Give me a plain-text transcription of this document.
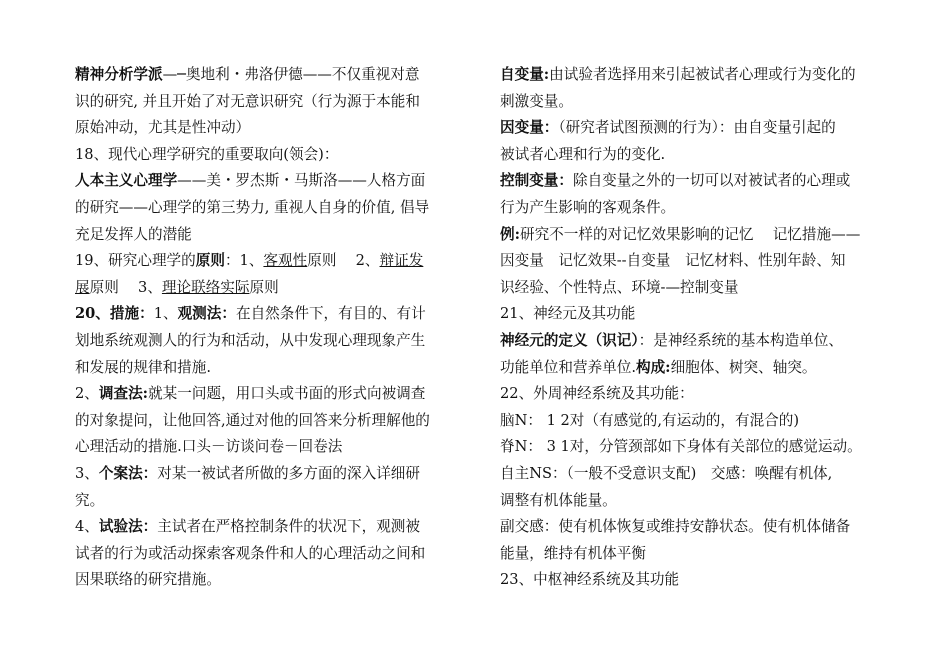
精神分析学派—─奥地利・弗洛伊德——不仅重视对意
识的研究, 并且开始了对无意识研究（行为源于本能和
原始冲动，尤其是性冲动）
18、现代心理学研究的重要取向(领会)：
人本主义心理学——美・罗杰斯・马斯洛——人格方面
的研究——心理学的第三势力, 重视人自身的价值, 倡导
充足发挥人的潜能
19、研究心理学的原则：1、客观性原则　 2、辩证发
展原则　 3、理论联络实际原则
20、措施：1、观测法：在自然条件下，有目的、有计
划地系统观测人的行为和活动，从中发现心理现象产生
和发展的规律和措施.
2、调查法:就某一问题，用口头或书面的形式向被调查
的对象提问，让他回答,通过对他的回答来分析理解他的
心理活动的措施.口头－访谈问卷－回卷法
3、个案法：对某一被试者所做的多方面的深入详细研
究。
4、试验法：主试者在严格控制条件的状况下，观测被
试者的行为或活动探索客观条件和人的心理活动之间和
因果联络的研究措施。
自变量:由试验者选择用来引起被试者心理或行为变化的
刺激变量。
因变量：（研究者试图预测的行为）：由自变量引起的
被试者心理和行为的变化.
控制变量：除自变量之外的一切可以对被试者的心理或
行为产生影响的客观条件。
例:研究不一样的对记忆效果影响的记忆　 记忆措施——
因变量　记忆效果--自变量　记忆材料、性别年龄、知
识经验、个性特点、环境-—控制变量
21、神经元及其功能
神经元的定义（识记）：是神经系统的基本构造单位、
功能单位和营养单位.构成:细胞体、树突、轴突。
22、外周神经系统及其功能：
脑N： 1 2对（有感觉的,有运动的，有混合的)
脊N： 3 1对，分管颈部如下身体有关部位的感觉运动。
自主NS：（一般不受意识支配)　交感：唤醒有机体,
调整有机体能量。
副交感：使有机体恢复或维持安静状态。使有机体储备
能量，维持有机体平衡
23、中枢神经系统及其功能
